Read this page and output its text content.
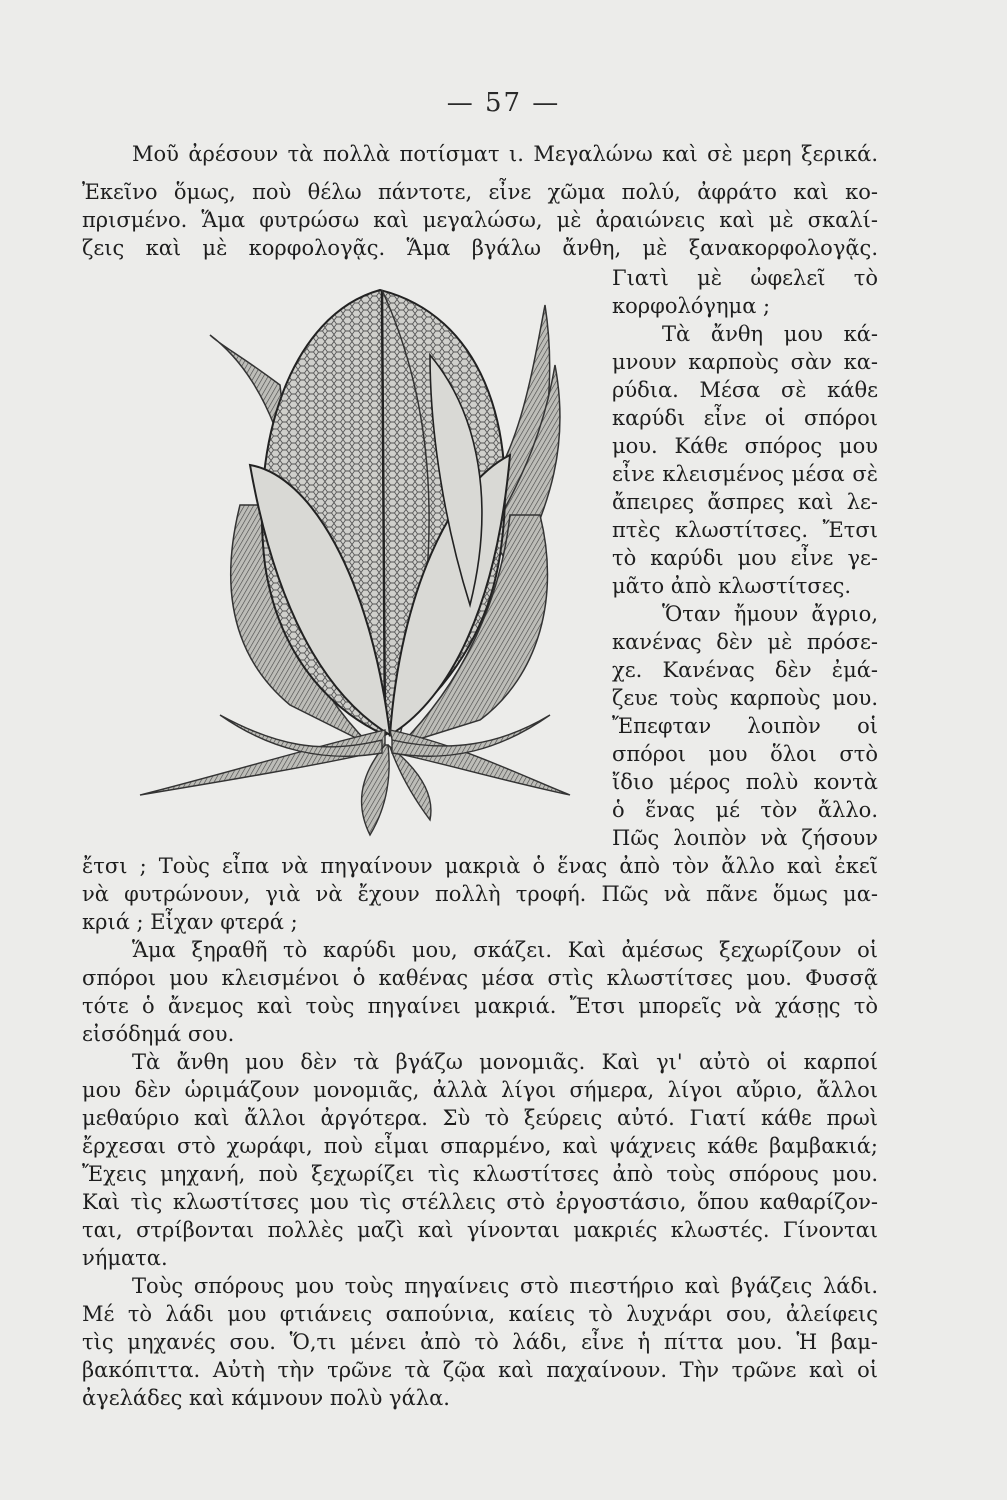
— 57 —
Μοῦ ἀρέσουν τὰ πολλὰ ποτίσματ ι. Μεγαλώνω καὶ σὲ μερη ξερικά.
Ἐκεῖνο ὅμως, ποὺ θέλω πάντοτε, εἶνε χῶμα πολύ, ἀφράτο καὶ κο-
πρισμένο. Ἅμα φυτρώσω καὶ μεγαλώσω, μὲ ἀραιώνεις καὶ μὲ σκαλί-
ζεις καὶ μὲ κορφολογᾷς. Ἅμα βγάλω ἄνθη, μὲ ξανακορφολογᾷς.
Γιατὶ μὲ ὠφελεῖ τὸ
κορφολόγημα ;
Τὰ ἄνθη μου κά-
μνουν καρποὺς σὰν κα-
ρύδια. Μέσα σὲ κάθε
καρύδι εἶνε οἱ σπόροι
μου. Κάθε σπόρος μου
εἶνε κλεισμένος μέσα σὲ
ἄπειρες ἄσπρες καὶ λε-
πτὲς κλωστίτσες. Ἔτσι
τὸ καρύδι μου εἶνε γε-
μᾶτο ἀπὸ κλωστίτσες.
Ὅταν ἤμουν ἄγριο,
κανένας δὲν μὲ πρόσε-
χε. Κανένας δὲν ἐμά-
ζευε τοὺς καρποὺς μου.
Ἔπεφταν λοιπὸν οἱ
σπόροι μου ὅλοι στὸ
ἴδιο μέρος πολὺ κοντὰ
ὁ ἕνας μέ τὸν ἄλλο.
Πῶς λοιπὸν νὰ ζήσουν
ἔτσι ; Τοὺς εἶπα νὰ πηγαίνουν μακριὰ ὁ ἕνας ἀπὸ τὸν ἄλλο καὶ ἐκεῖ
νὰ φυτρώνουν, γιὰ νὰ ἔχουν πολλὴ τροφή. Πῶς νὰ πᾶνε ὅμως μα-
κριά ; Εἶχαν φτερά ;
Ἅμα ξηραθῆ τὸ καρύδι μου, σκάζει. Καὶ ἀμέσως ξεχωρίζουν οἱ
σπόροι μου κλεισμένοι ὁ καθένας μέσα στὶς κλωστίτσες μου. Φυσσᾷ
τότε ὁ ἄνεμος καὶ τοὺς πηγαίνει μακριά. Ἔτσι μπορεῖς νὰ χάσῃς τὸ
εἰσόδημά σου.
Τὰ ἄνθη μου δὲν τὰ βγάζω μονομιᾶς. Καὶ γι' αὐτὸ οἱ καρποί
μου δὲν ὡριμάζουν μονομιᾶς, ἀλλὰ λίγοι σήμερα, λίγοι αὔριο, ἄλλοι
μεθαύριο καὶ ἄλλοι ἀργότερα. Σὺ τὸ ξεύρεις αὐτό. Γιατί κάθε πρωὶ
ἔρχεσαι στὸ χωράφι, ποὺ εἶμαι σπαρμένο, καὶ ψάχνεις κάθε βαμβακιά;
Ἔχεις μηχανή, ποὺ ξεχωρίζει τὶς κλωστίτσες ἀπὸ τοὺς σπόρους μου.
Καὶ τὶς κλωστίτσες μου τὶς στέλλεις στὸ ἐργοστάσιο, ὅπου καθαρίζον-
ται, στρίβονται πολλὲς μαζὶ καὶ γίνονται μακριές κλωστές. Γίνονται
νήματα.
Τοὺς σπόρους μου τοὺς πηγαίνεις στὸ πιεστήριο καὶ βγάζεις λάδι.
Μέ τὸ λάδι μου φτιάνεις σαπούνια, καίεις τὸ λυχνάρι σου, ἀλείφεις
τὶς μηχανές σου. Ὅ,τι μένει ἀπὸ τὸ λάδι, εἶνε ἡ πίττα μου. Ἡ βαμ-
βακόπιττα. Αὐτὴ τὴν τρῶνε τὰ ζῷα καὶ παχαίνουν. Τὴν τρῶνε καὶ οἱ
ἀγελάδες καὶ κάμνουν πολὺ γάλα.
